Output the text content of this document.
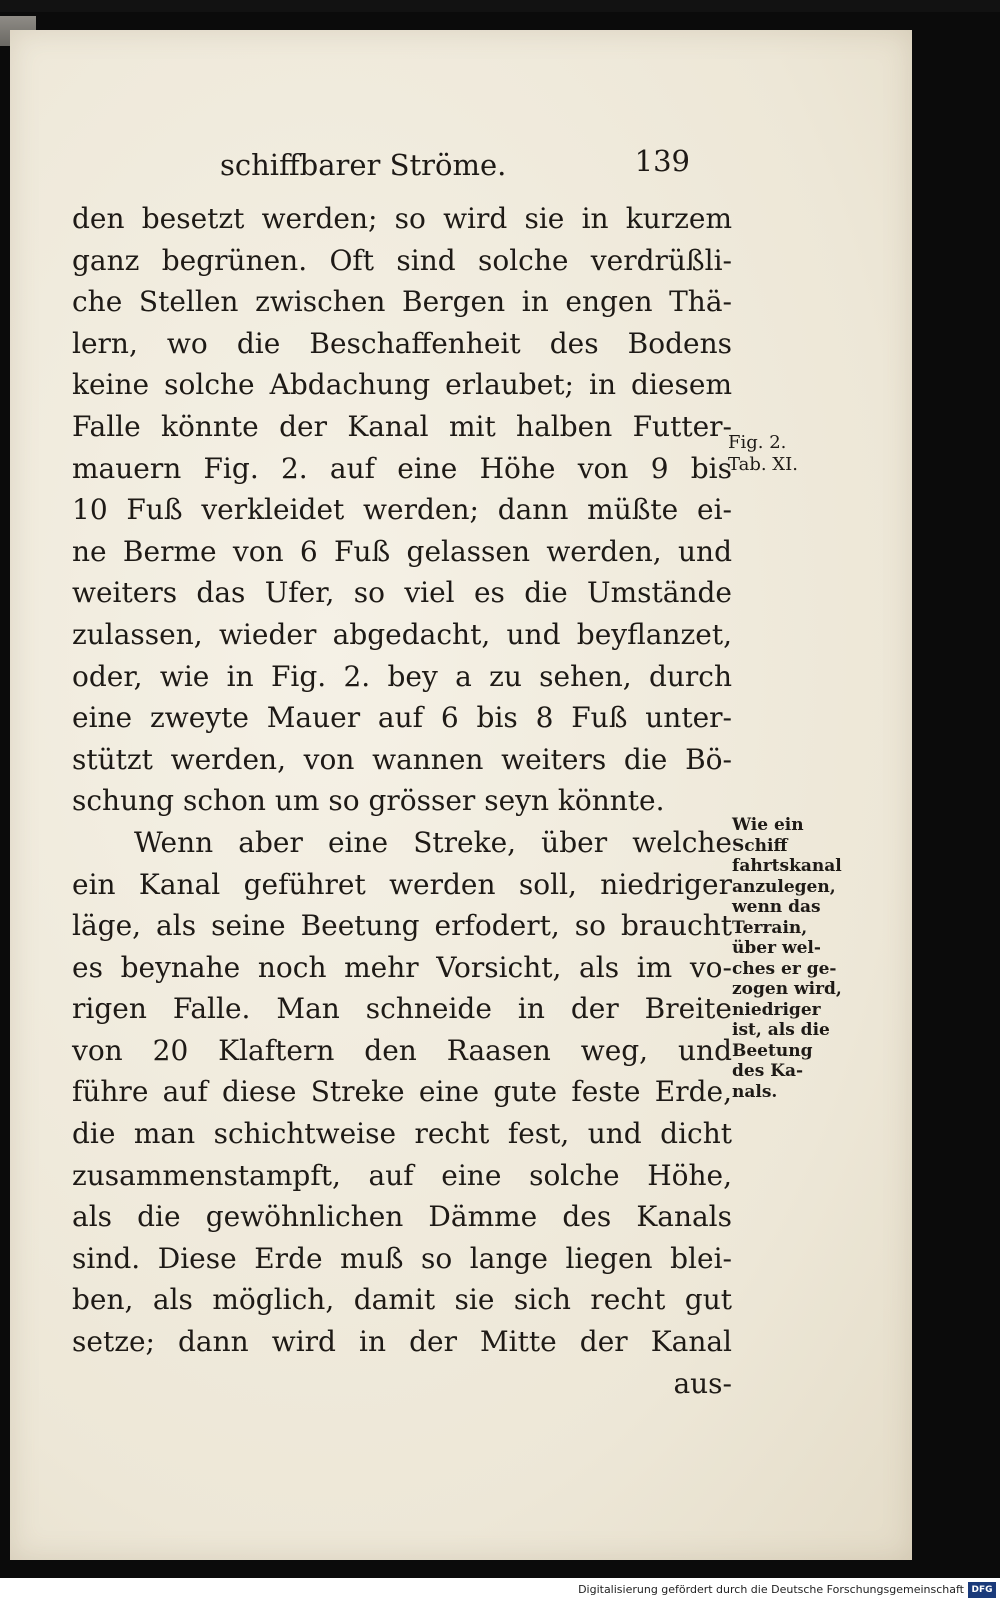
schiffbarer Ströme.	139
den besetzt werden; so wird sie in kurzem
ganz begrünen. Oft sind solche verdrüßli-
che Stellen zwischen Bergen in engen Thä-
lern, wo die Beschaffenheit des Bodens
keine solche Abdachung erlaubet; in diesem
Falle könnte der Kanal mit halben Futter-
mauern Fig. 2. auf eine Höhe von 9 bis
10 Fuß verkleidet werden; dann müßte ei-
ne Berme von 6 Fuß gelassen werden, und
weiters das Ufer, so viel es die Umstände
zulassen, wieder abgedacht, und beyflanzet,
oder, wie in Fig. 2. bey a zu sehen, durch
eine zweyte Mauer auf 6 bis 8 Fuß unter-
stützt werden, von wannen weiters die Bö-
schung schon um so grösser seyn könnte.
Wenn aber eine Streke, über welche
ein Kanal geführet werden soll, niedriger
läge, als seine Beetung erfodert, so braucht
es beynahe noch mehr Vorsicht, als im vo-
rigen Falle. Man schneide in der Breite
von 20 Klaftern den Raasen weg, und
führe auf diese Streke eine gute feste Erde,
die man schichtweise recht fest, und dicht
zusammenstampft, auf eine solche Höhe,
als die gewöhnlichen Dämme des Kanals
sind. Diese Erde muß so lange liegen blei-
ben, als möglich, damit sie sich recht gut
setze; dann wird in der Mitte der Kanal
aus-
Fig. 2.
Tab. XI.
Wie ein
Schiff
fahrtskanal
anzulegen,
wenn das
Terrain,
über wel-
ches er ge-
zogen wird,
niedriger
ist, als die
Beetung
des Ka-
nals.
Digitalisierung gefördert durch die Deutsche Forschungsgemeinschaft DFG
